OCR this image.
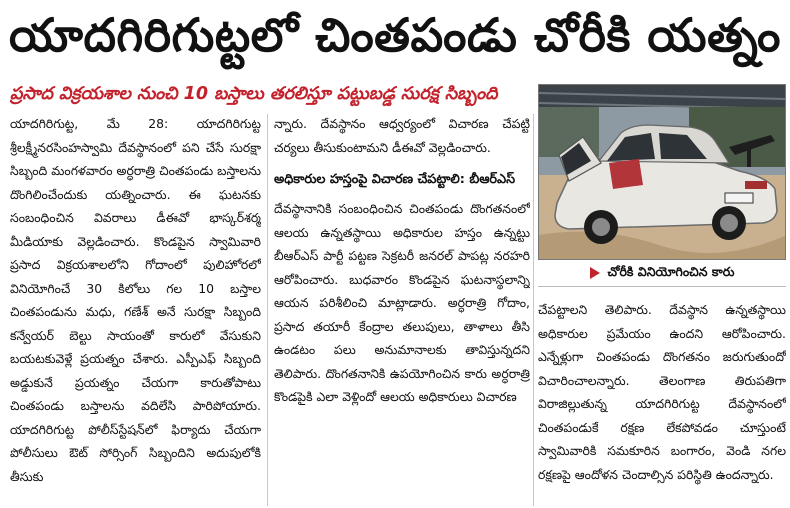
యాదగిరిగుట్టలో చింతపండు చోరీకి యత్నం
ప్రసాద విక్రయశాల నుంచి 10 బస్తాలు తరలిస్తూ పట్టుబడ్డ సురక్ష సిబ్బంది

యాదగిరిగుట్ట, మే 28: యాదగిరిగుట్ట శ్రీలక్ష్మీనరసింహస్వామి దేవస్థానంలో పని చేసే సురక్షా సిబ్బంది మంగళవారం అర్ధరాత్రి చింతపండు బస్తాలను దొంగిలించేందుకు యత్నించారు. ఈ ఘటనకు సంబంధించిన వివరాలు డీఈవో భాస్కర్‌శర్మ మీడియాకు వెల్లడించారు. కొండపైన స్వామివారి ప్రసాద విక్రయశాలలోని గోదాంలో పులిహోరలో వినియోగించే 30 కిలోలు గల 10 బస్తాల చింతపండును మధు, గణేశ్ అనే సురక్షా సిబ్బంది కన్వేయర్ బెల్టు సాయంతో కారులో వేసుకుని బయటకువెళ్లే ప్రయత్నం చేశారు. ఎస్పీఎఫ్ సిబ్బంది అడ్డుకునే ప్రయత్నం చేయగా కారుతోపాటు చింతపండు బస్తాలను వదిలేసి పారిపోయారు. యాదగిరిగుట్ట పోలీస్‌స్టేషన్‌లో ఫిర్యాదు చేయగా పోలీసులు ఔట్ సోర్సింగ్ సిబ్బందిని అదుపులోకి తీసుకు

న్నారు. దేవస్థానం ఆధ్వర్యంలో విచారణ చేపట్టి చర్యలు తీసుకుంటామని డీఈవో వెల్లడించారు.

అధికారుల హస్తంపై విచారణ చేపట్టాలి: బీఆర్ఎస్

దేవస్థానానికి సంబంధించిన చింతపండు దొంగతనంలో ఆలయ ఉన్నతస్థాయి అధికారుల హస్తం ఉన్నట్టు బీఆర్ఎస్ పార్టీ పట్టణ సెక్రటరీ జనరల్ పాపట్ల నరహరి ఆరోపించారు. బుధవారం కొండపైన ఘటనాస్థలాన్ని ఆయన పరిశీలించి మాట్లాడారు. అర్ధరాత్రి గోదాం, ప్రసాద తయారీ కేంద్రాల తలుపులు, తాళాలు తీసి ఉండటం పలు అనుమానాలకు తావిస్తున్నదని తెలిపారు. దొంగతనానికి ఉపయోగించిన కారు అర్ధరాత్రి కొండపైకి ఎలా వెళ్లిందో ఆలయ అధికారులు విచారణ

చోరీకి వినియోగించిన కారు

చేపట్టాలని తెలిపారు. దేవస్థాన ఉన్నతస్థాయి అధికారుల ప్రమేయం ఉందని ఆరోపించారు. ఎన్నేళ్లుగా చింతపండు దొంగతనం జరుగుతుందో విచారించాలన్నారు. తెలంగాణ తిరుపతిగా విరాజిల్లుతున్న యాదగిరిగుట్ట దేవస్థానంలో చింతపండుకే రక్షణ లేకపోవడం చూస్తుంటే స్వామివారికి సమకూరిన బంగారం, వెండి నగల రక్షణపై ఆందోళన చెందాల్సిన పరిస్థితి ఉందన్నారు.
